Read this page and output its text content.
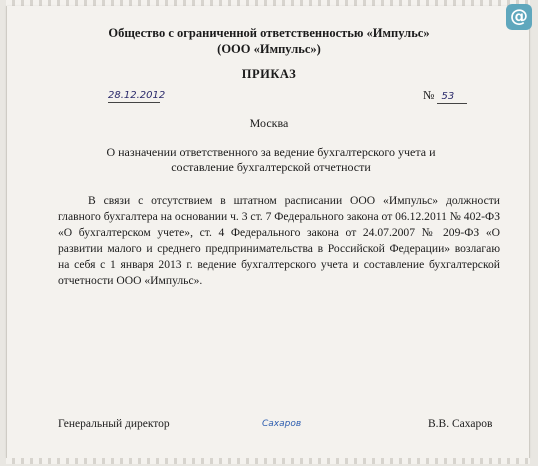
@
Общество с ограниченной ответственностью «Импульс»
(ООО «Импульс»)
ПРИКАЗ
28.12.2012	№ 53
Москва
О назначении ответственного за ведение бухгалтерского учета и составление бухгалтерской отчетности
В связи с отсутствием в штатном расписании ООО «Импульс» должности главного бухгалтера на основании ч. 3 ст. 7 Федерального закона от 06.12.2011 № 402-ФЗ «О бухгалтерском учете», ст. 4 Федерального закона от 24.07.2007 № 209-ФЗ «О развитии малого и среднего предпринимательства в Российской Федерации» возлагаю на себя с 1 января 2013 г. ведение бухгалтерского учета и составление бухгалтерской отчетности ООО «Импульс».
Генеральный директор	Сахаров	В.В. Сахаров
